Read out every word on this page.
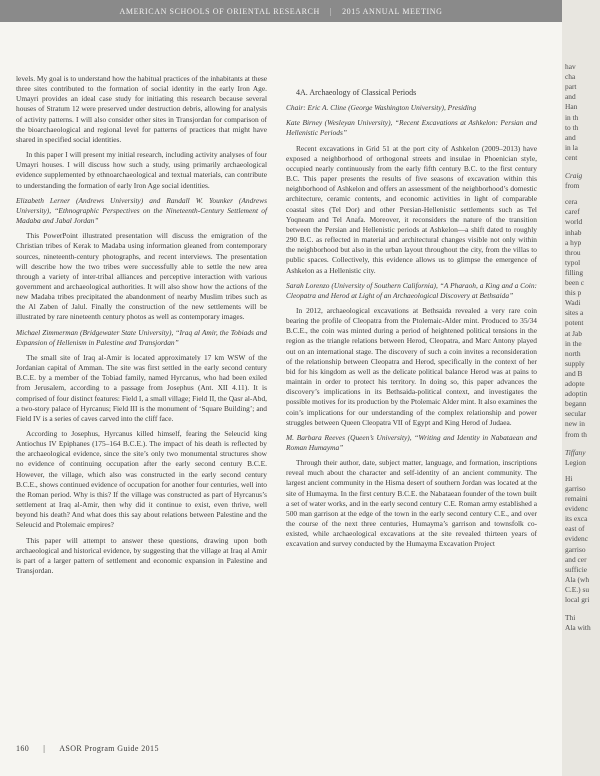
AMERICAN SCHOOLS OF ORIENTAL RESEARCH | 2015 ANNUAL MEETING

levels. My goal is to understand how the habitual practices of the inhabitants at these three sites contributed to the formation of social identity in the early Iron Age. Umayri provides an ideal case study for initiating this research because several houses of Stratum 12 were preserved under destruction debris, allowing for analysis of activity patterns. I will also consider other sites in Transjordan for comparison of the bioarchaeological and regional level for patterns of practices that might have shared in specified social identities.

In this paper I will present my initial research, including activity analyses of four Umayri houses. I will discuss how such a study, using primarily archaeological evidence supplemented by ethnoarchaeological and textual materials, can contribute to understanding the formation of early Iron Age social identities.

Elizabeth Lerner (Andrews University) and Randall W. Younker (Andrews University), “Ethnographic Perspectives on the Nineteenth-Century Settlement of Madaba and Jabal Jordan”

This PowerPoint illustrated presentation will discuss the emigration of the Christian tribes of Kerak to Madaba using information gleaned from contemporary sources, nineteenth-century photographs, and recent interviews. The presentation will describe how the two tribes were successfully able to settle the new area through a variety of inter-tribal alliances and perceptive interaction with various government and archaeological authorities. It will also show how the actions of the new Madaba tribes precipitated the abandonment of nearby Muslim tribes such as the Al Zaben of Jalul. Finally the construction of the new settlements will be illustrated by rare nineteenth century photos as well as contemporary images.

Michael Zimmerman (Bridgewater State University), “Iraq al Amir, the Tobiads and Expansion of Hellenism in Palestine and Transjordan”

The small site of Iraq al-Amir is located approximately 17 km WSW of the Jordanian capital of Amman. The site was first settled in the early second century B.C.E. by a member of the Tobiad family, named Hyrcanus, who had been exiled from Jerusalem, according to a passage from Josephus (Ant. XII 4.11). It is comprised of four distinct features: Field I, a small village; Field II, the Qasr al-Abd, a two-story palace of Hyrcanus; Field III is the monument of ‘Square Building’; and Field IV is a series of caves carved into the cliff face.

According to Josephus, Hyrcanus killed himself, fearing the Seleucid king Antiochus IV Epiphanes (175–164 B.C.E.). The impact of his death is reflected by the archaeological evidence, since the site’s only two monumental structures show no evidence of continuing occupation after the early second century B.C.E. However, the village, which also was constructed in the early second century B.C.E., shows continued evidence of occupation for another four centuries, well into the Roman period. Why is this? If the village was constructed as part of Hyrcanus’s settlement at Iraq al-Amir, then why did it continue to exist, even thrive, well beyond his death? And what does this say about relations between Palestine and the Seleucid and Ptolemaic empires?

This paper will attempt to answer these questions, drawing upon both archaeological and historical evidence, by suggesting that the village at Iraq al Amir is part of a larger pattern of settlement and economic expansion in Palestine and Transjordan.

4A. Archaeology of Classical Periods

Chair: Eric A. Cline (George Washington University), Presiding

Kate Birney (Wesleyan University), “Recent Excavations at Ashkelon: Persian and Hellenistic Periods”

Recent excavations in Grid 51 at the port city of Ashkelon (2009–2013) have exposed a neighborhood of orthogonal streets and insulae in Phoenician style, occupied nearly continuously from the early fifth century B.C. to the first century B.C. This paper presents the results of five seasons of excavation within this neighborhood of Ashkelon and offers an assessment of the neighborhood’s domestic architecture, ceramic contents, and economic activities in light of comparable coastal sites (Tel Dor) and other Persian-Hellenistic settlements such as Tel Yoqneam and Tel Anafa. Moreover, it reconsiders the nature of the transition between the Persian and Hellenistic periods at Ashkelon—a shift dated to roughly 290 B.C. as reflected in material and architectural changes visible not only within the neighborhood but also in the urban layout throughout the city, from the villas to public spaces. Collectively, this evidence allows us to glimpse the emergence of Ashkelon as a Hellenistic city.

Sarah Lorenzo (University of Southern California), “A Pharaoh, a King and a Coin: Cleopatra and Herod at Light of an Archaeological Discovery at Bethsaida”

In 2012, archaeological excavations at Bethsaida revealed a very rare coin bearing the profile of Cleopatra from the Ptolemaic-Alder mint. Produced to 35/34 B.C.E., the coin was minted during a period of heightened political tensions in the region as the triangle relations between Herod, Cleopatra, and Marc Antony played out on an international stage. The discovery of such a coin invites a reconsideration of the relationship between Cleopatra and Herod, specifically in the context of her bid for his kingdom as well as the delicate political balance Herod was at pains to maintain in order to protect his territory. In doing so, this paper advances the discovery’s implications in its Bethsaida-political context, and investigates the possible motives for its production by the Ptolemaic Alder mint. It also examines the coin’s implications for our understanding of the complex relationship and power struggles between Queen Cleopatra VII of Egypt and King Herod of Judaea.

M. Barbara Reeves (Queen’s University), “Writing and Identity in Nabataean and Roman Humayma”

Through their author, date, subject matter, language, and formation, inscriptions reveal much about the character and self-identity of an ancient community. The largest ancient community in the Hisma desert of southern Jordan was located at the site of Humayma. In the first century B.C.E. the Nabataean founder of the town built a set of water works, and in the early second century C.E. Roman army established a 500 man garrison at the edge of the town in the early second century C.E., and over the course of the next three centuries, Humayma’s garrison and townsfolk co-existed, while archaeological excavations at the site revealed thirteen years of excavation and survey conducted by the Humayma Excavation Project

160 | ASOR Program Guide 2015
hav
cha
part
and
Han
in th
to th
and
in la
cent
Craig
from
cera
caref
world
inhab
a hyp
throu
typol
filling
been c
this p
Wadi
sites a
potent
at Jab
in the
north
supply
and B
adopte
adoptin
begann
secular
new in
from th
Tiffany
Legion
Hi
garriso
remaini
evidenc
its exca
east of
evidenc
garriso
and cer
sufficie
Ala (wh
C.E.) su
local gri
Thi
Ala with
